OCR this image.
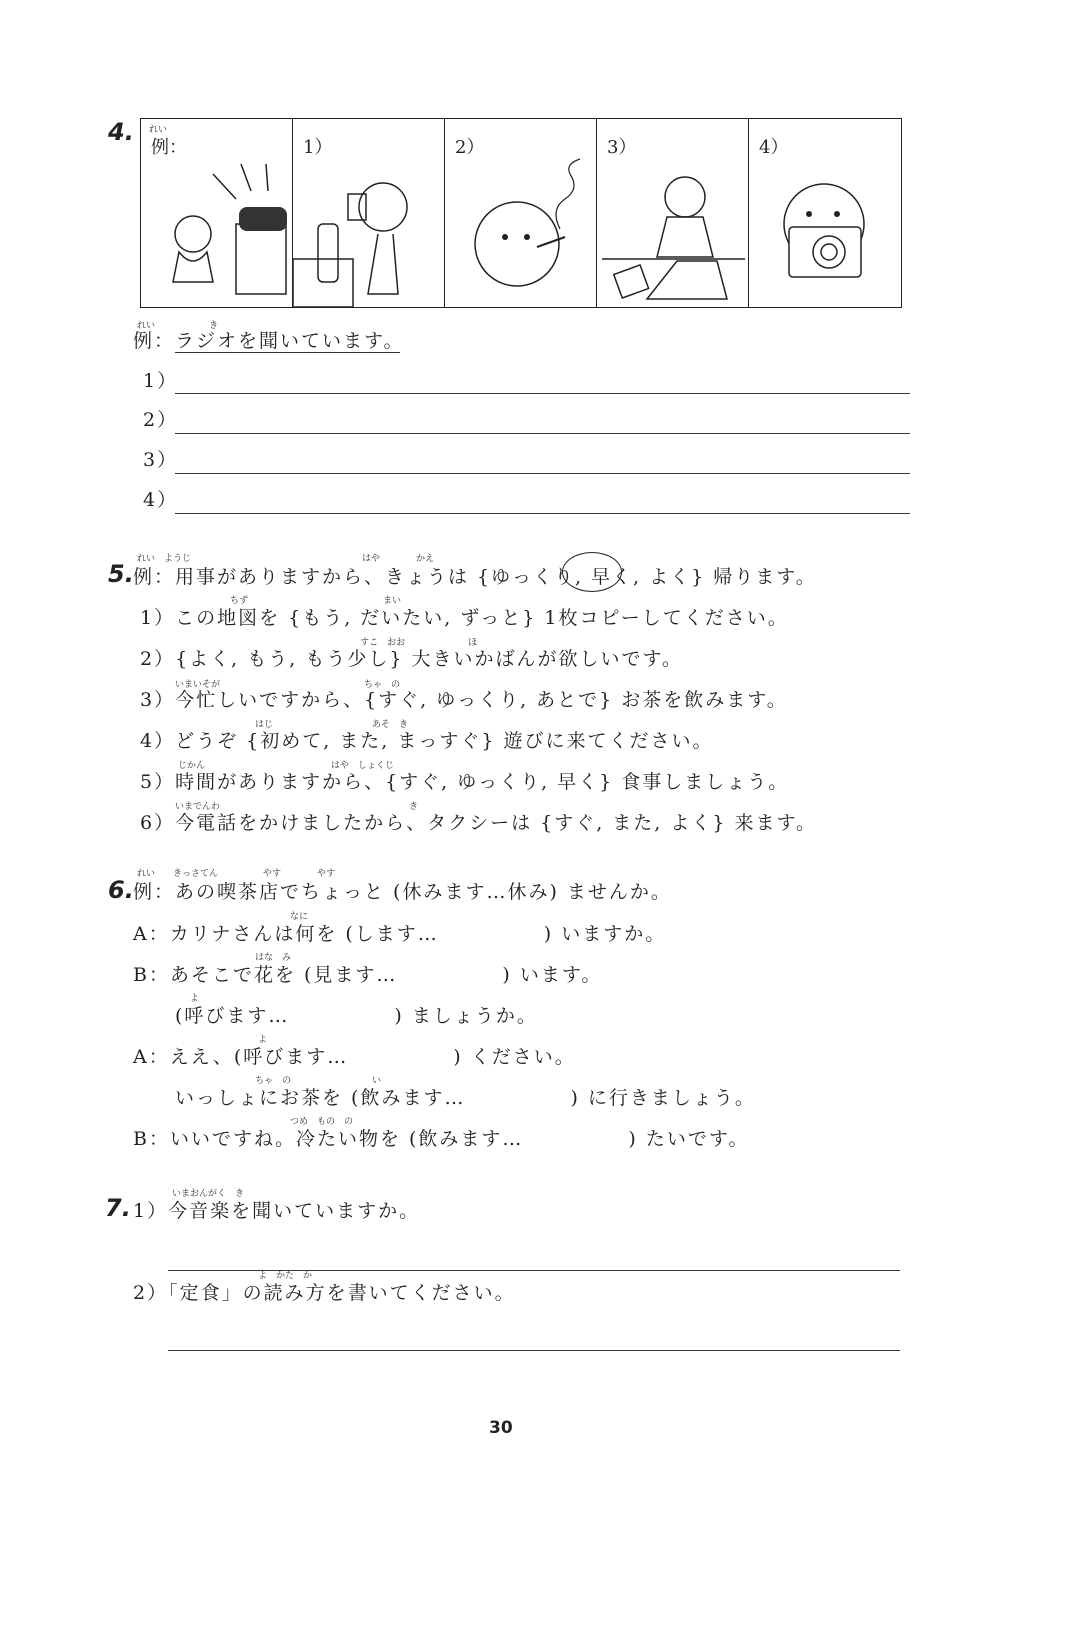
4. れい
例：	1）	2）	3）	4）
れい　　　　　　き
例：ラジオを聞いています。
1）
2）
3）
4）
5.
れい　ようじ　　　　　　　　　　　　　　　　　　　はや　　　　かえ
例：用事がありますから、きょうは {ゆっくり, 早く, よく} 帰ります。
ちず　　　　　　　　　　　　　　　まい
1）この地図を {もう, だいたい, ずっと} 1枚コピーしてください。
すこ　おお　　　　　　　ほ
2）{よく, もう, もう少し} 大きいかばんが欲しいです。
いまいそが　　　　　　　　　　　　　　　　ちゃ　の
3）今忙しいですから、{すぐ, ゆっくり, あとで} お茶を飲みます。
はじ　　　　　　　　　　　あそ　き
4）どうぞ {初めて, また, まっすぐ} 遊びに来てください。
じかん　　　　　　　　　　　　　　はや　しょくじ
5）時間がありますから、{すぐ, ゆっくり, 早く} 食事しましょう。
いまでんわ　　　　　　　　　　　　　　　　　　　　　き
6）今電話をかけましたから、タクシーは {すぐ, また, よく} 来ます。
6.
れい　　きっさてん　　　　　やす　　　　やす
例：あの喫茶店でちょっと (休みます…休み) ませんか。
なに
A：カリナさんは何を (します…　　　　　) いますか。
はな　み
B：あそこで花を (見ます…　　　　　) います。
よ
　　(呼びます…　　　　　) ましょうか。
よ
A：ええ、(呼びます…　　　　　) ください。
ちゃ　の　　　　　　　　　い
　　いっしょにお茶を (飲みます…　　　　　) に行きましょう。
つめ　もの　の
B：いいですね。冷たい物を (飲みます…　　　　　) たいです。
7.	いまおんがく　き
1）今音楽を聞いていますか。
よ　かた　か
2）「定食」の読み方を書いてください。
30
